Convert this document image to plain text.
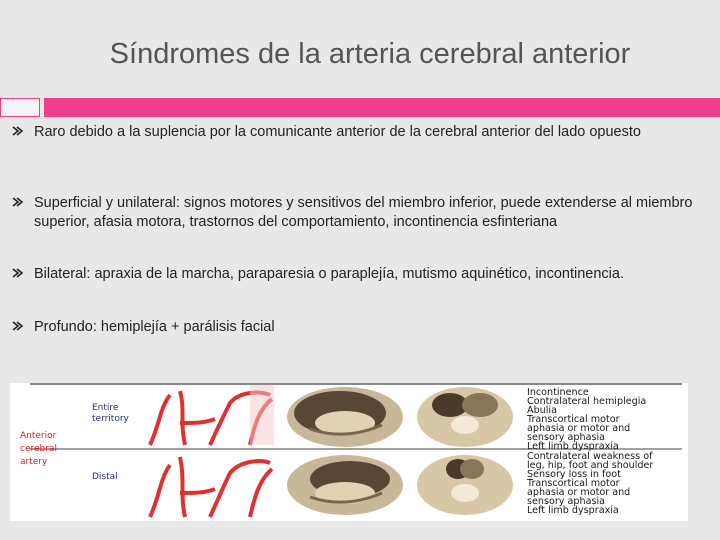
Síndromes de la arteria cerebral anterior
Raro debido a la suplencia por la comunicante anterior de la cerebral anterior del lado opuesto
Superficial y unilateral: signos motores y sensitivos del miembro inferior, puede extenderse al miembro superior, afasia motora, trastornos del comportamiento, incontinencia esfinteriana
Bilateral: apraxia de la marcha, paraparesia o paraplejía, mutismo aquinético, incontinencia.
Profundo: hemiplejía + parálisis facial
Anterior
cerebral
artery
Entire
territory
Distal
Incontinence
Contralateral hemiplegia
Abulia
Transcortical motor
aphasia or motor and
sensory aphasia
Left limb dyspraxia
Contralateral weakness of
leg, hip, foot and shoulder
Sensory loss in foot
Transcortical motor
aphasia or motor and
sensory aphasia
Left limb dyspraxia
